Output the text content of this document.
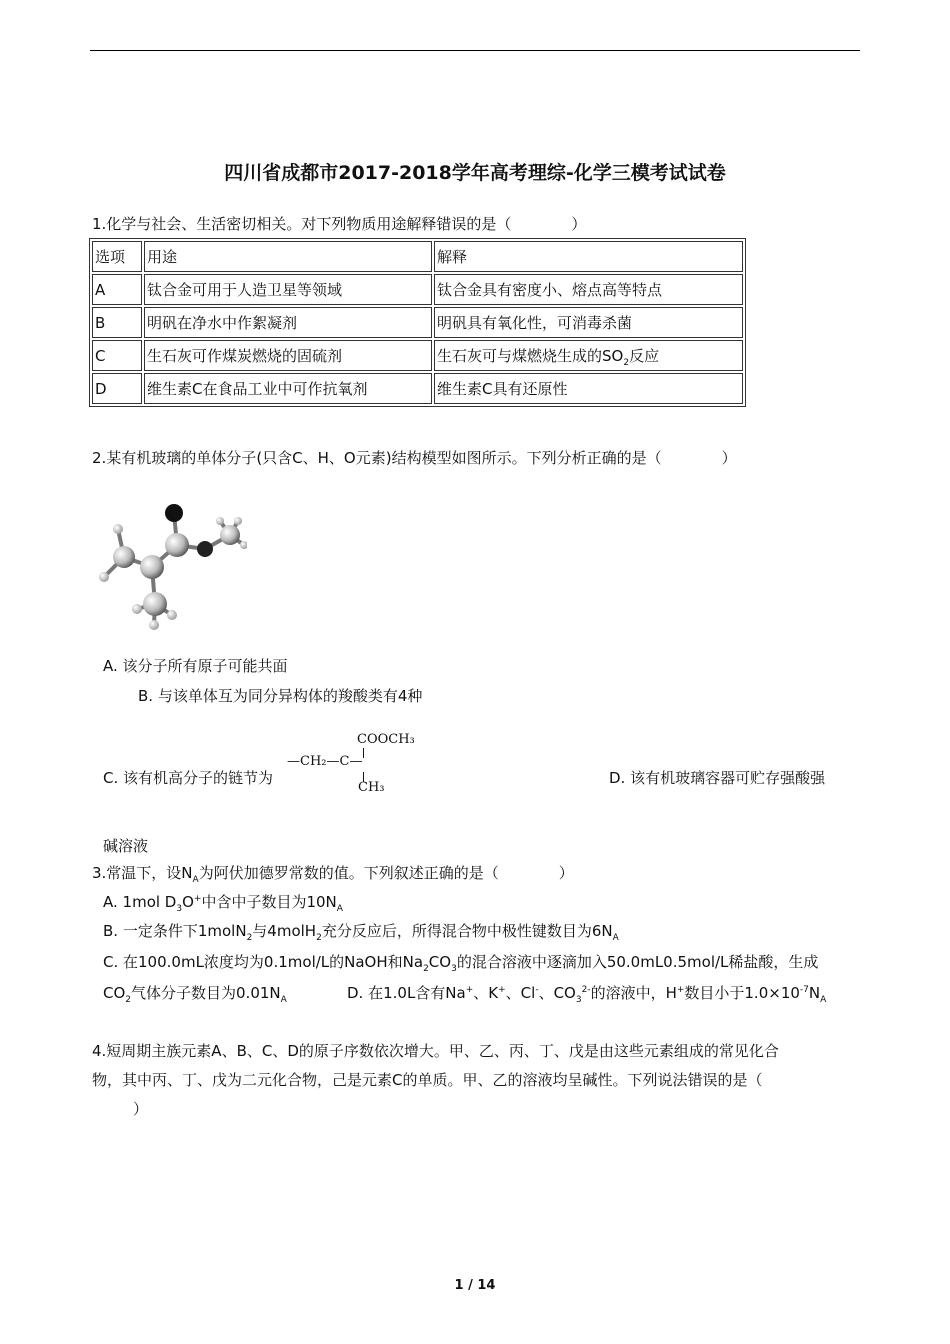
四川省成都市2017-2018学年高考理综-化学三模考试试卷
1.化学与社会、生活密切相关。对下列物质用途解释错误的是（　　　　）
选项	用途	解释
A	钛合金可用于人造卫星等领域	钛合金具有密度小、熔点高等特点
B	明矾在净水中作絮凝剂	明矾具有氧化性，可消毒杀菌
C	生石灰可作煤炭燃烧的固硫剂	生石灰可与煤燃烧生成的$SO_2$反应
D	维生素C在食品工业中可作抗氧剂	维生素C具有还原性
2.某有机玻璃的单体分子(只含C、H、O元素)结构模型如图所示。下列分析正确的是（　　　　）
A. 该分子所有原子可能共面
B. 与该单体互为同分异构体的羧酸类有4种
C. 该有机高分子的链节为
COOCH₃
—CH₂—C—
CH₃
D. 该有机玻璃容器可贮存强酸强
碱溶液
3.常温下，设$N_A$为阿伏加德罗常数的值。下列叙述正确的是（　　　　）
A. 1mol $D_3O^+$中含中子数目为$10N_A$
B. 一定条件下1molN$_2$与4molH$_2$充分反应后，所得混合物中极性键数目为$6N_A$
C. 在100.0mL浓度均为0.1mol/L的NaOH和$Na_2CO_3$的混合溶液中逐滴加入50.0mL0.5mol/L稀盐酸，生成
$CO_2$气体分子数目为$0.01N_A$	D. 在1.0L含有Na+、K+、Cl-、$CO_3^{2-}$的溶液中，H+数目小于$1.0\times 10^{-7}N_A$
4.短周期主族元素A、B、C、D的原子序数依次增大。甲、乙、丙、丁、戊是由这些元素组成的常见化合
物，其中丙、丁、戊为二元化合物，己是元素C的单质。甲、乙的溶液均呈碱性。下列说法错误的是（
）
1 / 14
